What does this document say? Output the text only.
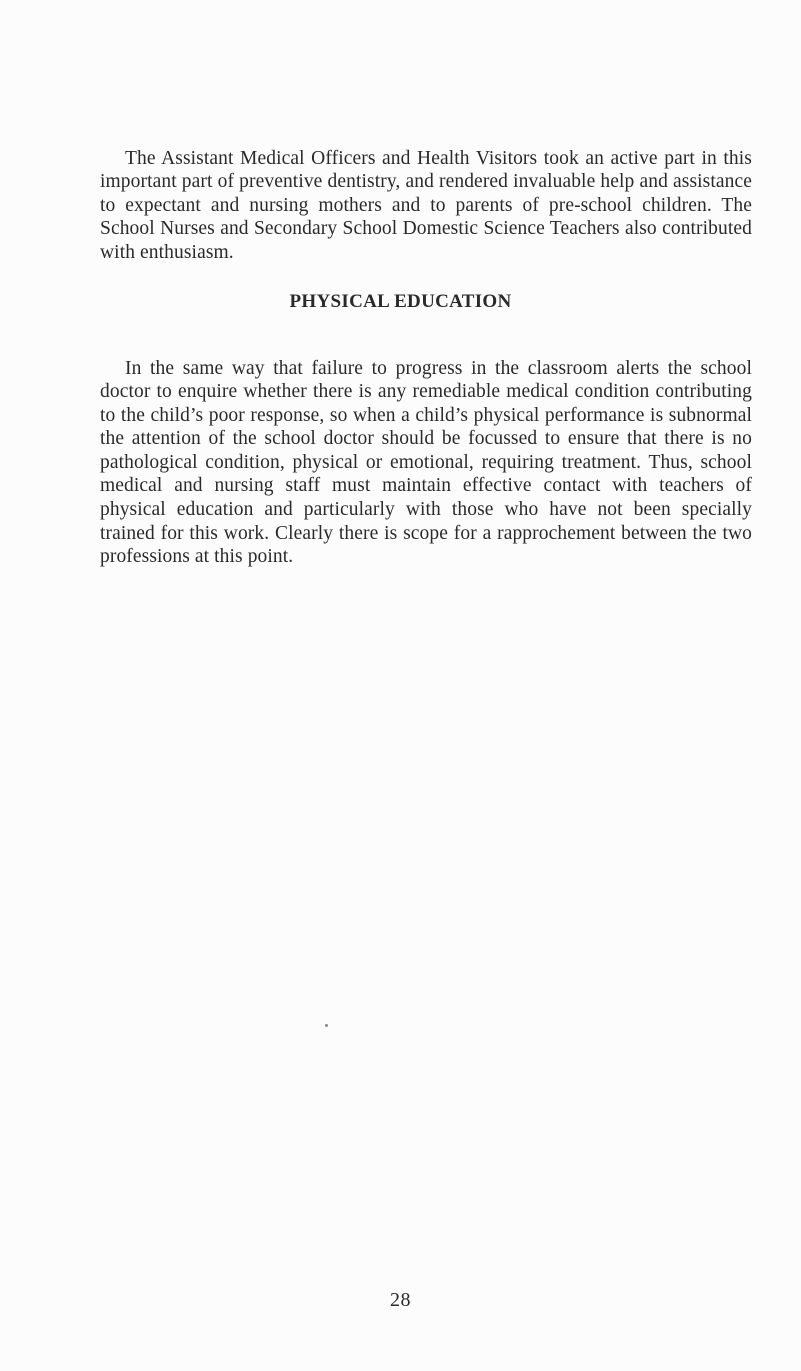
The Assistant Medical Officers and Health Visitors took an active part in this important part of preventive dentistry, and rendered invaluable help and assistance to expectant and nursing mothers and to parents of pre-school children. The School Nurses and Secondary School Domestic Science Teachers also contributed with enthusiasm.

PHYSICAL EDUCATION

In the same way that failure to progress in the classroom alerts the school doctor to enquire whether there is any remediable medical condition contributing to the child’s poor response, so when a child’s physical performance is subnormal the attention of the school doctor should be focussed to ensure that there is no pathological condition, physical or emotional, requiring treatment. Thus, school medical and nursing staff must maintain effective contact with teachers of physical education and particularly with those who have not been specially trained for this work. Clearly there is scope for a rapprochement between the two professions at this point.

28
